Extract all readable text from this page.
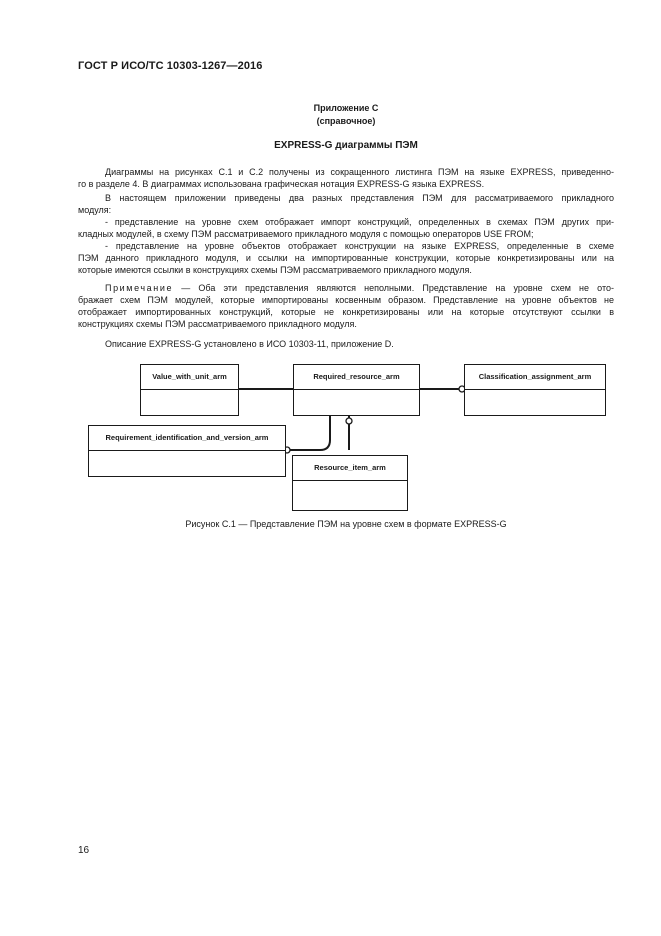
ГОСТ Р ИСО/ТС 10303-1267—2016
Приложение С
(справочное)
EXPRESS-G диаграммы ПЭМ
Диаграммы на рисунках С.1 и С.2 получены из сокращенного листинга ПЭМ на языке EXPRESS, приведенно-
го в разделе 4. В диаграммах использована графическая нотация EXPRESS-G языка EXPRESS.
В настоящем приложении приведены два разных представления ПЭМ для рассматриваемого прикладного
модуля:
- представление на уровне схем отображает импорт конструкций, определенных в схемах ПЭМ других при-
кладных модулей, в схему ПЭМ рассматриваемого прикладного модуля с помощью операторов USE FROM;
- представление на уровне объектов отображает конструкции на языке EXPRESS, определенные в схеме
ПЭМ данного прикладного модуля, и ссылки на импортированные конструкции, которые конкретизированы или на
которые имеются ссылки в конструкциях схемы ПЭМ рассматриваемого прикладного модуля.
Примечание — Оба эти представления являются неполными. Представление на уровне схем не ото-
бражает схем ПЭМ модулей, которые импортированы косвенным образом. Представление на уровне объектов не
отображает импортированных конструкций, которые не конкретизированы или на которые отсутствуют ссылки в
конструкциях схемы ПЭМ рассматриваемого прикладного модуля.
Описание EXPRESS-G установлено в ИСО 10303-11, приложение D.
Value_with_unit_arm	Required_resource_arm	Classification_assignment_arm
Requirement_identification_and_version_arm
Resource_item_arm
Рисунок С.1 — Представление ПЭМ на уровне схем в формате EXPRESS-G
16
